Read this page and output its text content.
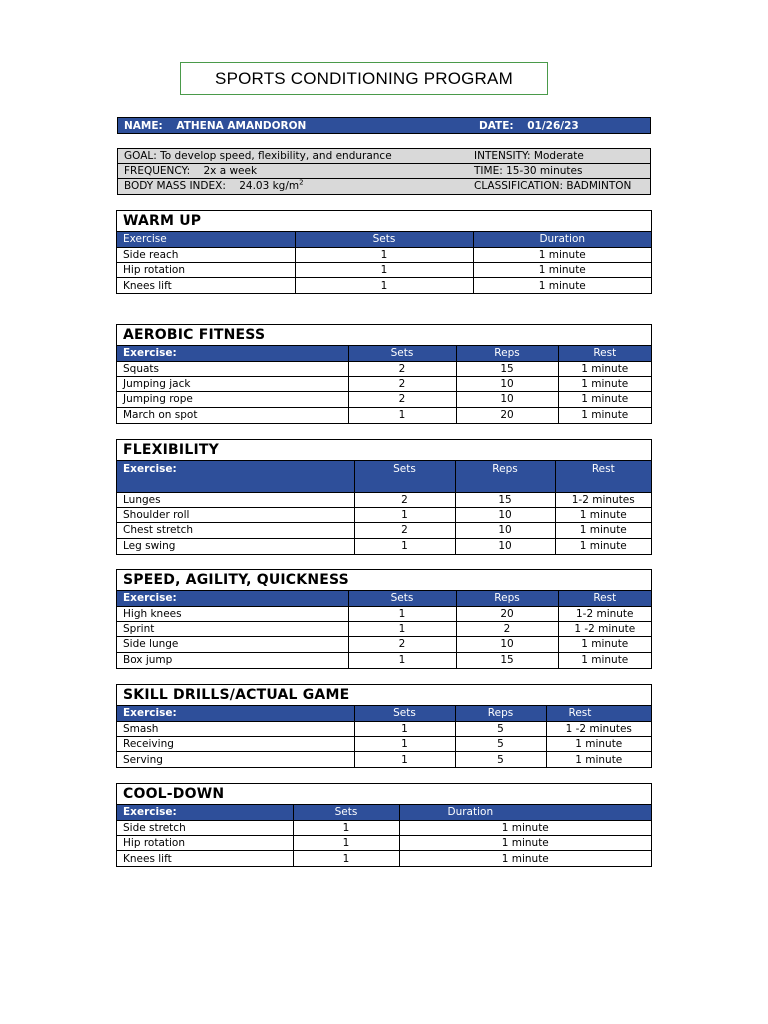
SPORTS CONDITIONING PROGRAM
NAME: ATHENA AMANDORON	DATE: 01/26/23
GOAL: To develop speed, flexibility, and endurance	INTENSITY: Moderate
FREQUENCY: 2x a week	TIME: 15-30 minutes
BODY MASS INDEX: 24.03 $kg/m^2$	CLASSIFICATION: BADMINTON
WARM UP
Exercise	Sets	Duration
Side reach	1	1 minute
Hip rotation	1	1 minute
Knees lift	1	1 minute
AEROBIC FITNESS
Exercise:	Sets	Reps	Rest
Squats	2	15	1 minute
Jumping jack	2	10	1 minute
Jumping rope	2	10	1 minute
March on spot	1	20	1 minute
FLEXIBILITY
Exercise:	Sets	Reps	Rest
Lunges	2	15	1-2 minutes
Shoulder roll	1	10	1 minute
Chest stretch	2	10	1 minute
Leg swing	1	10	1 minute
SPEED, AGILITY, QUICKNESS
Exercise:	Sets	Reps	Rest
High knees	1	20	1-2 minute
Sprint	1	2	1 -2 minute
Side lunge	2	10	1 minute
Box jump	1	15	1 minute
SKILL DRILLS/ACTUAL GAME
Exercise:	Sets	Reps	Rest
Smash	1	5	1 -2 minutes
Receiving	1	5	1 minute
Serving	1	5	1 minute
COOL-DOWN
Exercise:	Sets	Duration
Side stretch	1	1 minute
Hip rotation	1	1 minute
Knees lift	1	1 minute
